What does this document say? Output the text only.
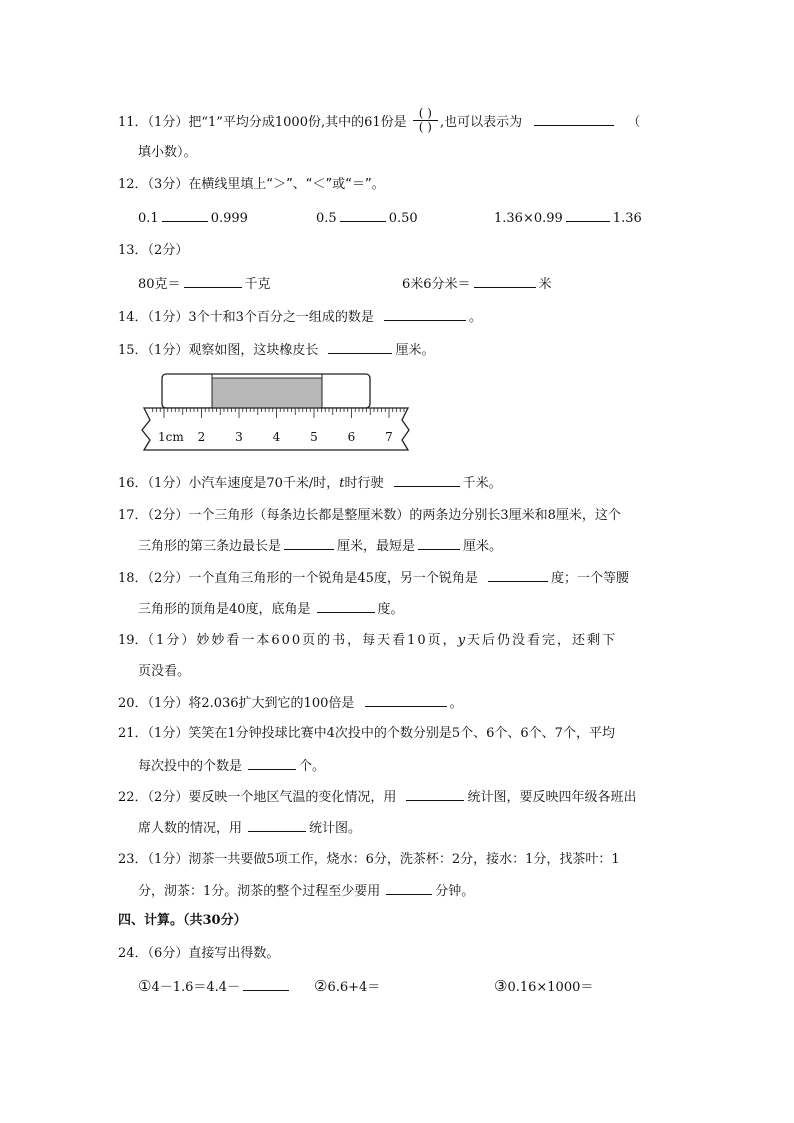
11．（1分）把“1”平均分成1000份,其中的61份是 $\frac{( )}{( )}$ ,也可以表示为	（
填小数）。
12．（3分）在横线里填上“＞”、“＜”或“＝”。
0.1	0.999	0.5	0.50	1.36×0.99	1.36
13．（2分）
80克＝	千克	6米6分米＝	米
14．（1分）3个十和3个百分之一组成的数是	。
15．（1分）观察如图，这块橡皮长	厘米。
1cm 2 3 4 5 6 7
16．（1分）小汽车速度是70千米/时，t时行驶	千米。
17．（2分）一个三角形（每条边长都是整厘米数）的两条边分别长3厘米和8厘米，这个
三角形的第三条边最长是	厘米，最短是	厘米。
18．（2分）一个直角三角形的一个锐角是45度，另一个锐角是	度；一个等腰
三角形的顶角是40度，底角是	度。
19．（1分）妙妙看一本600页的书，每天看10页，y天后仍没看完，还剩下
页没看。
20．（1分）将2.036扩大到它的100倍是	。
21．（1分）笑笑在1分钟投球比赛中4次投中的个数分别是5个、6个、6个、7个，平均
每次投中的个数是	个。
22．（2分）要反映一个地区气温的变化情况，用	统计图，要反映四年级各班出
席人数的情况，用	统计图。
23．（1分）沏茶一共要做5项工作，烧水：6分，洗茶杯：2分，接水：1分，找茶叶：1
分，沏茶：1分。沏茶的整个过程至少要用	分钟。
四、计算。（共30分）
24．（6分）直接写出得数。
①4－1.6＝4.4－	②6.6+4＝	③0.16×1000＝
